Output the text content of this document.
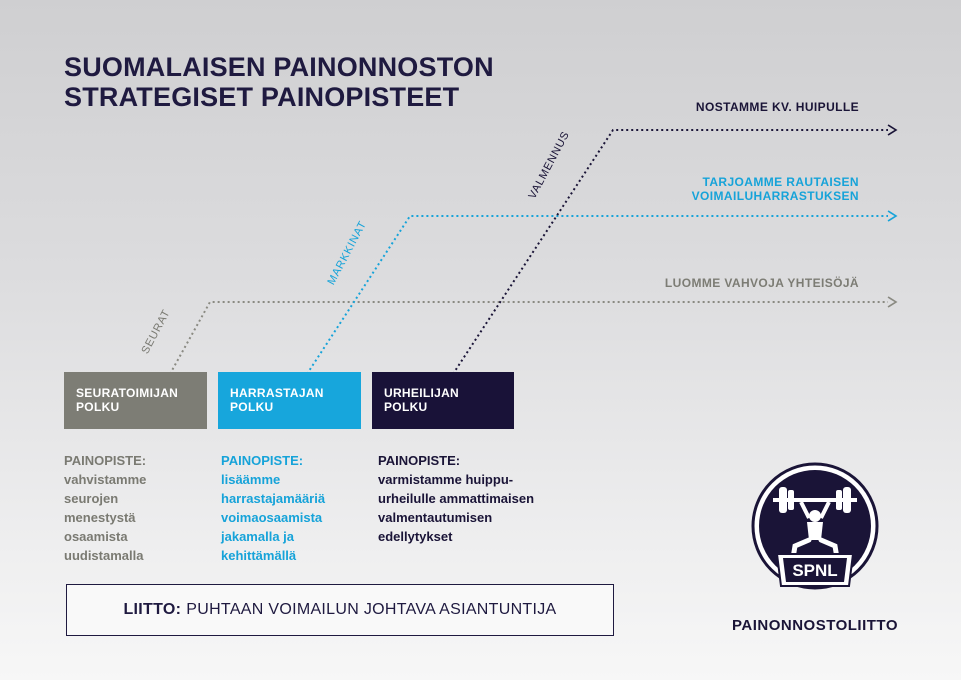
SUOMALAISEN PAINONNOSTON
STRATEGISET PAINOPISTEET	NOSTAMME KV. HUIPULLE
TARJOAMME RAUTAISEN
VOIMAILUHARRASTUKSEN
LUOMME VAHVOJA YHTEISÖJÄ
SEURAT
MARKKINAT
VALMENNUS
SEURATOIMIJAN
POLKU
HARRASTAJAN
POLKU
URHEILIJAN
POLKU
PAINOPISTE:
vahvistamme
seurojen
menestystä
osaamista
uudistamalla
PAINOPISTE:
lisäämme
harrastajamääriä
voimaosaamista
jakamalla ja
kehittämällä
PAINOPISTE:
varmistamme huippu-
urheilulle ammattimaisen
valmentautumisen
edellytykset
LIITTO: PUHTAAN VOIMAILUN JOHTAVA ASIANTUNTIJA
SPNL
PAINONNOSTOLIITTO
